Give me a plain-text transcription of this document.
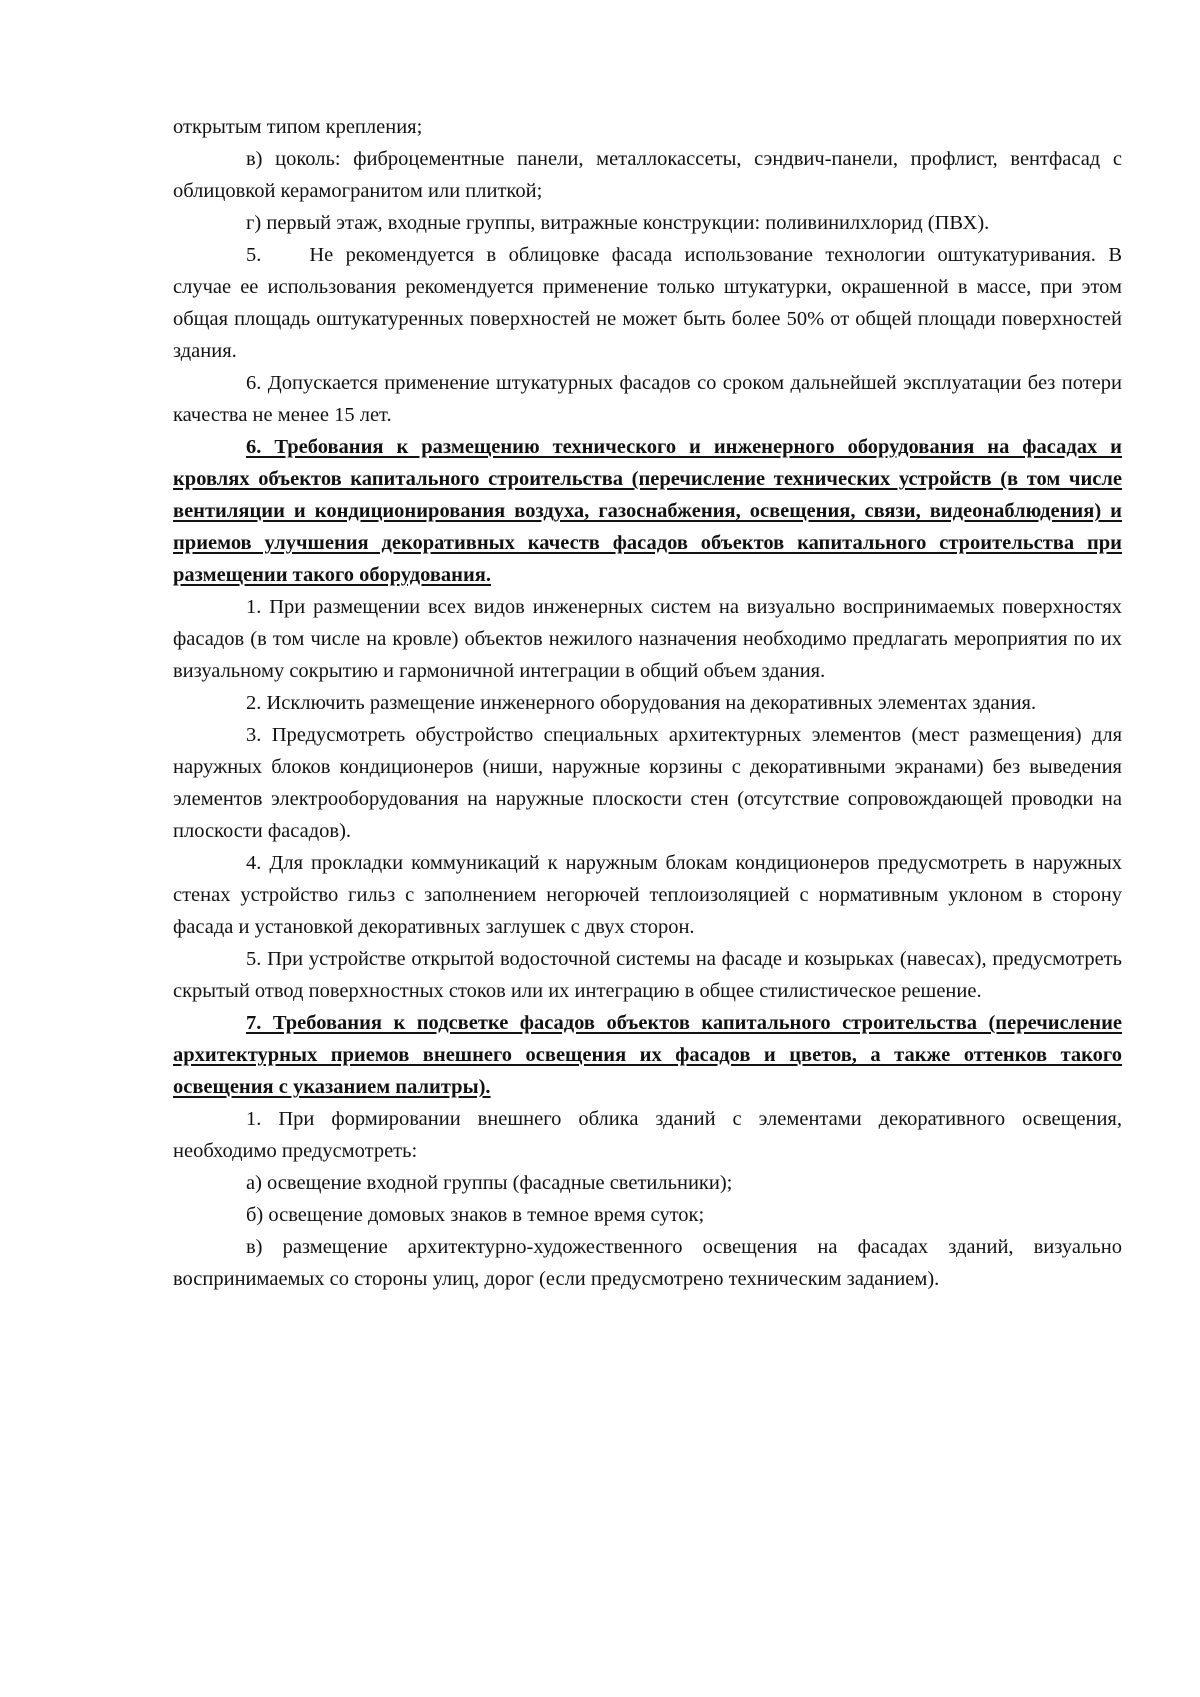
открытым типом крепления;

в) цоколь: фиброцементные панели, металлокассеты, сэндвич-панели, профлист, вентфасад с облицовкой керамогранитом или плиткой;

г) первый этаж, входные группы, витражные конструкции: поливинилхлорид (ПВХ).

5. Не рекомендуется в облицовке фасада использование технологии оштукатуривания. В случае ее использования рекомендуется применение только штукатурки, окрашенной в массе, при этом общая площадь оштукатуренных поверхностей не может быть более 50% от общей площади поверхностей здания.

6. Допускается применение штукатурных фасадов со сроком дальнейшей эксплуатации без потери качества не менее 15 лет.

6. Требования к размещению технического и инженерного оборудования на фасадах и кровлях объектов капитального строительства (перечисление технических устройств (в том числе вентиляции и кондиционирования воздуха, газоснабжения, освещения, связи, видеонаблюдения) и приемов улучшения декоративных качеств фасадов объектов капитального строительства при размещении такого оборудования.

1. При размещении всех видов инженерных систем на визуально воспринимаемых поверхностях фасадов (в том числе на кровле) объектов нежилого назначения необходимо предлагать мероприятия по их визуальному сокрытию и гармоничной интеграции в общий объем здания.

2. Исключить размещение инженерного оборудования на декоративных элементах здания.

3. Предусмотреть обустройство специальных архитектурных элементов (мест размещения) для наружных блоков кондиционеров (ниши, наружные корзины с декоративными экранами) без выведения элементов электрооборудования на наружные плоскости стен (отсутствие сопровождающей проводки на плоскости фасадов).

4. Для прокладки коммуникаций к наружным блокам кондиционеров предусмотреть в наружных стенах устройство гильз с заполнением негорючей теплоизоляцией с нормативным уклоном в сторону фасада и установкой декоративных заглушек с двух сторон.

5. При устройстве открытой водосточной системы на фасаде и козырьках (навесах), предусмотреть скрытый отвод поверхностных стоков или их интеграцию в общее стилистическое решение.

7. Требования к подсветке фасадов объектов капитального строительства (перечисление архитектурных приемов внешнего освещения их фасадов и цветов, а также оттенков такого освещения с указанием палитры).

1. При формировании внешнего облика зданий с элементами декоративного освещения, необходимо предусмотреть:

а) освещение входной группы (фасадные светильники);

б) освещение домовых знаков в темное время суток;

в) размещение архитектурно-художественного освещения на фасадах зданий, визуально воспринимаемых со стороны улиц, дорог (если предусмотрено техническим заданием).
